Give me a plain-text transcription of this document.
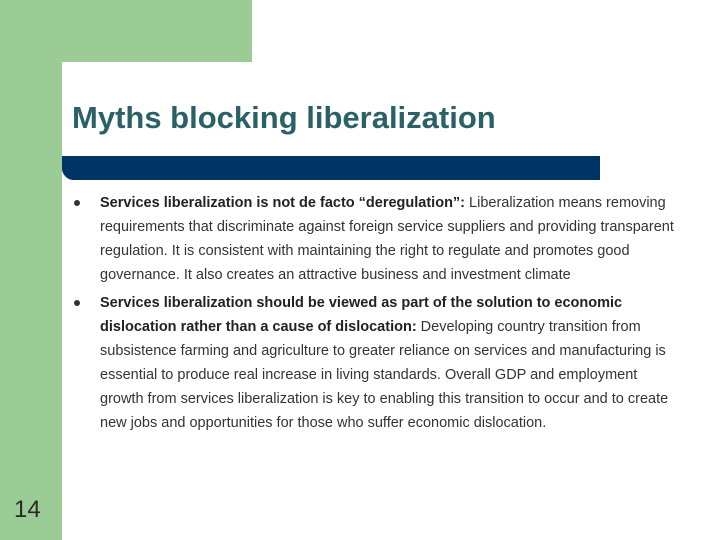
Myths blocking liberalization
Services liberalization is not de facto “deregulation”: Liberalization means removing requirements that discriminate against foreign service suppliers and providing transparent regulation. It is consistent with maintaining the right to regulate and promotes good governance. It also creates an attractive business and investment climate
Services liberalization should be viewed as part of the solution to economic dislocation rather than a cause of dislocation: Developing country transition from subsistence farming and agriculture to greater reliance on services and manufacturing is essential to produce real increase in living standards. Overall GDP and employment growth from services liberalization is key to enabling this transition to occur and to create new jobs and opportunities for those who suffer economic dislocation.
14
